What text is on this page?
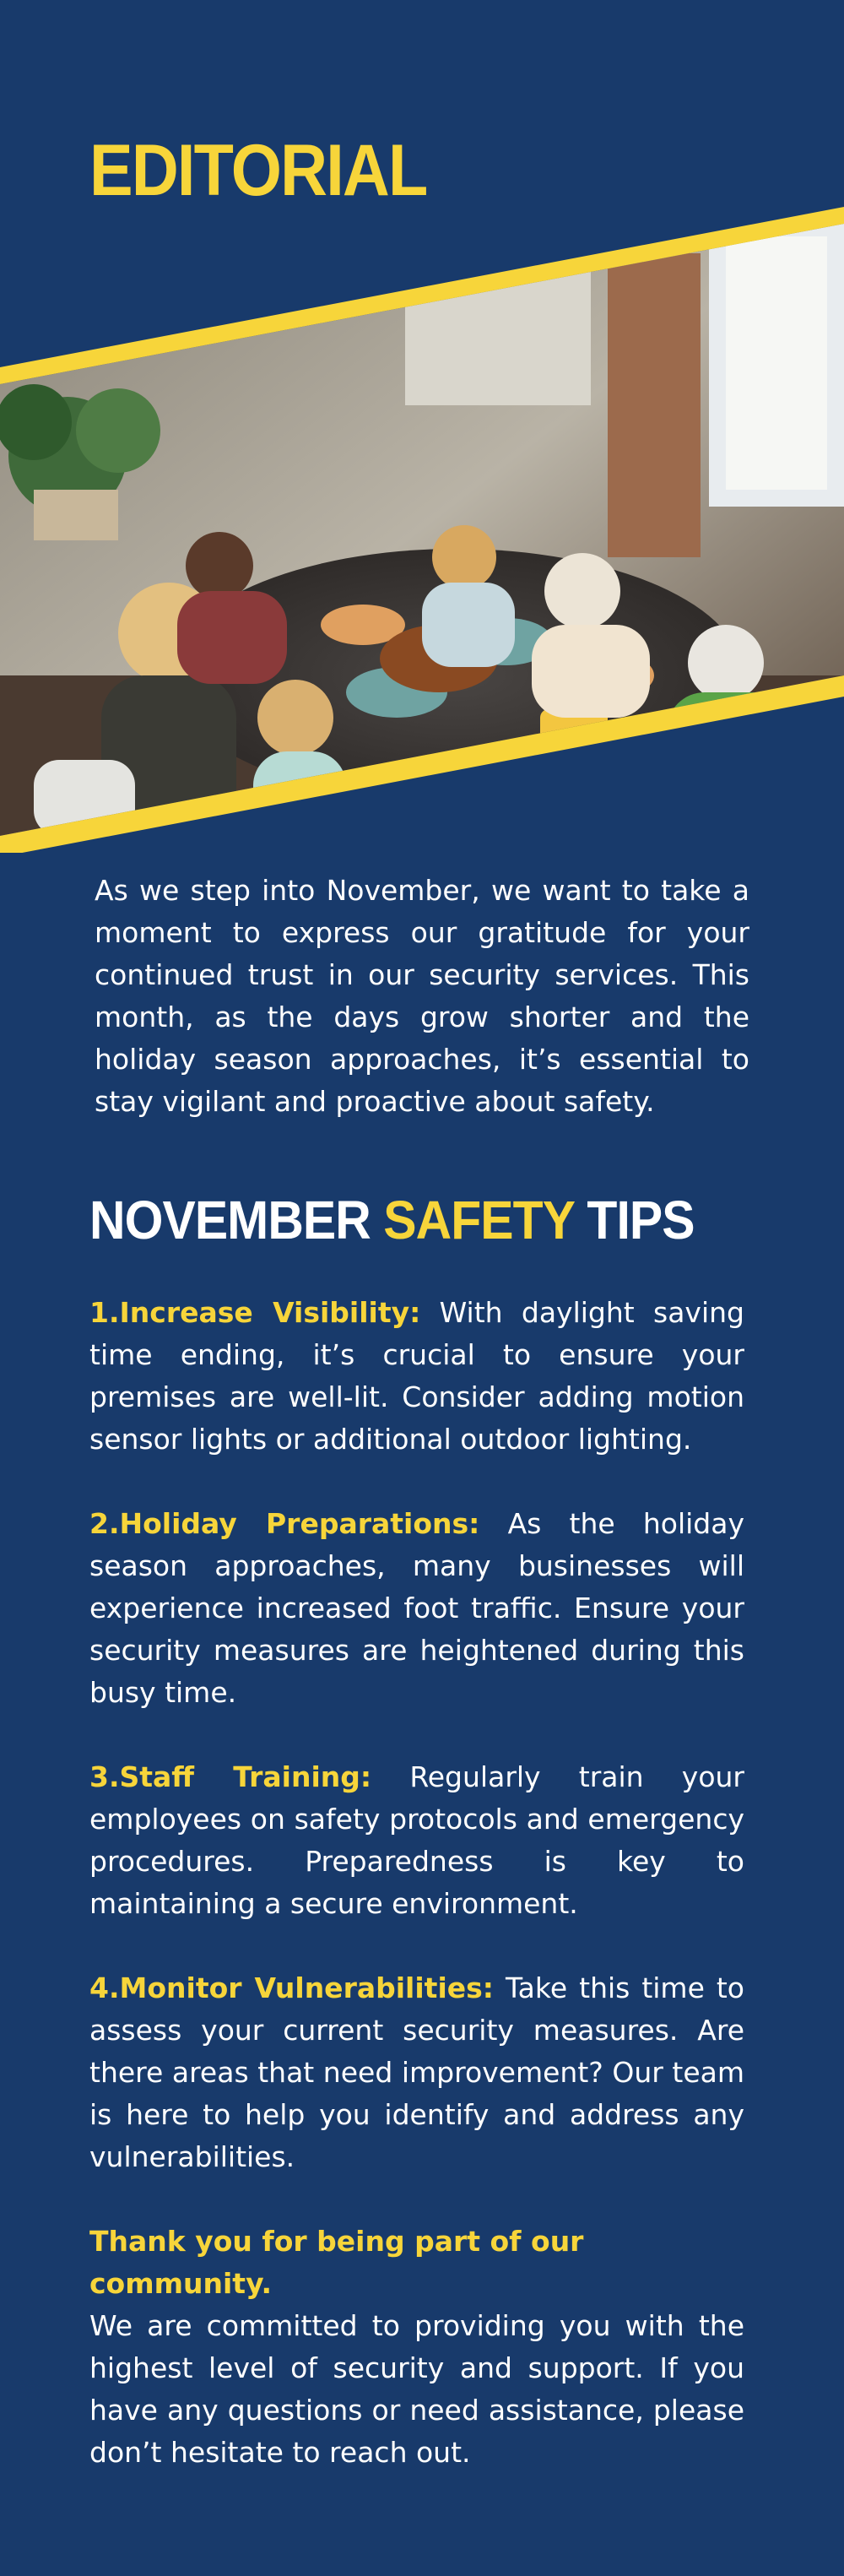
EDITORIAL

As we step into November, we want to take a moment to express our gratitude for your continued trust in our security services. This month, as the days grow shorter and the holiday season approaches, it’s essential to stay vigilant and proactive about safety.

NOVEMBER SAFETY TIPS
1.Increase Visibility: With daylight saving time ending, it’s crucial to ensure your premises are well-lit. Consider adding motion sensor lights or additional outdoor lighting.
2.Holiday Preparations: As the holiday season approaches, many businesses will experience increased foot traffic. Ensure your security measures are heightened during this busy time.
3.Staff Training: Regularly train your employees on safety protocols and emergency procedures. Preparedness is key to maintaining a secure environment.
4.Monitor Vulnerabilities: Take this time to assess your current security measures. Are there areas that need improvement? Our team is here to help you identify and address any vulnerabilities.

Thank you for being part of our community.
We are committed to providing you with the highest level of security and support. If you have any questions or need assistance, please don’t hesitate to reach out.
